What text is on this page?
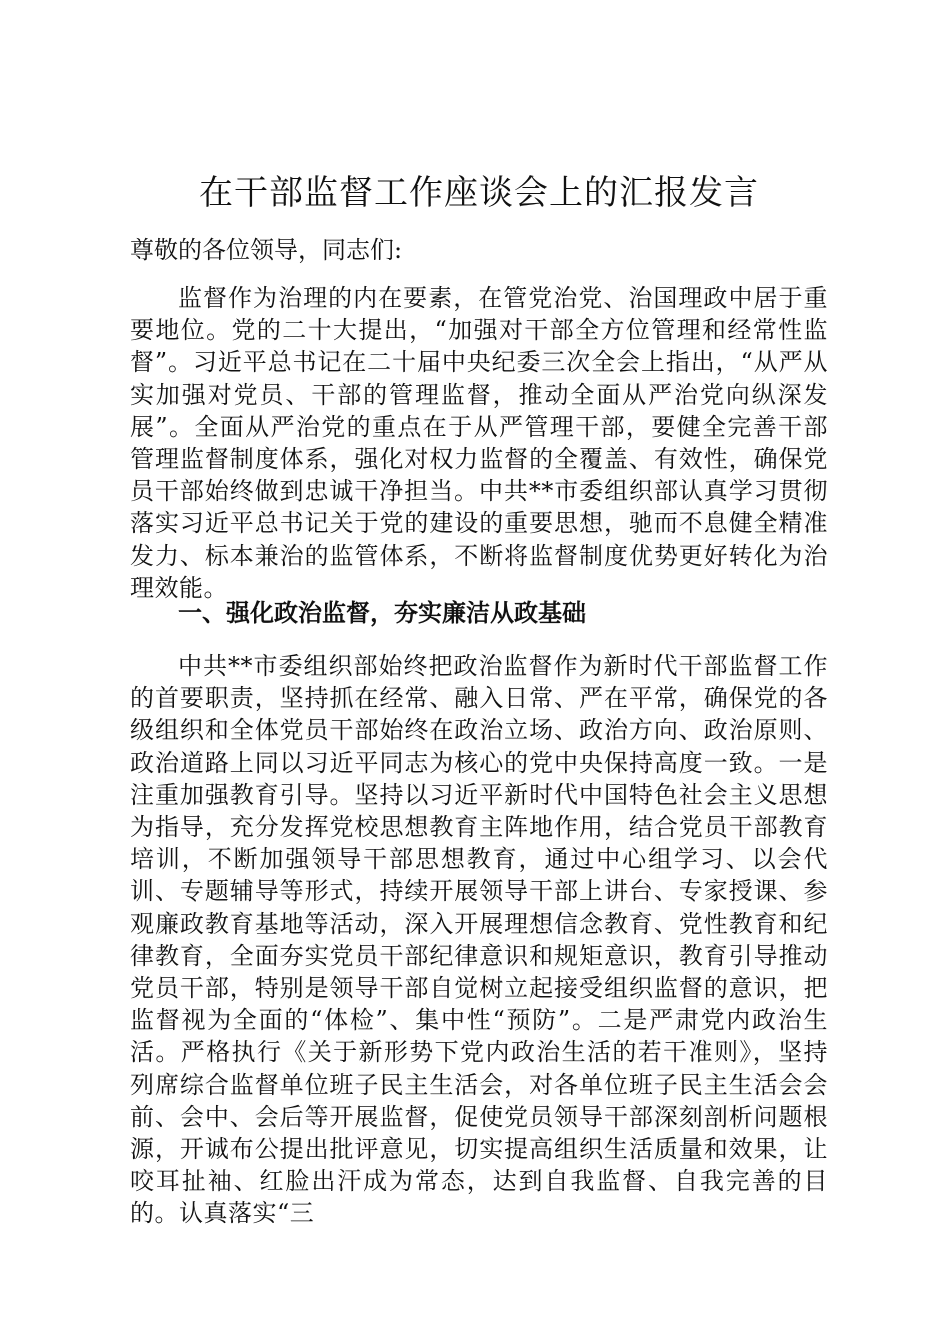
在干部监督工作座谈会上的汇报发言

尊敬的各位领导，同志们:

监督作为治理的内在要素，在管党治党、治国理政中居于重要地位。党的二十大提出，“加强对干部全方位管理和经常性监督”。习近平总书记在二十届中央纪委三次全会上指出，“从严从实加强对党员、干部的管理监督，推动全面从严治党向纵深发展”。全面从严治党的重点在于从严管理干部，要健全完善干部管理监督制度体系，强化对权力监督的全覆盖、有效性，确保党员干部始终做到忠诚干净担当。中共**市委组织部认真学习贯彻落实习近平总书记关于党的建设的重要思想，驰而不息健全精准发力、标本兼治的监管体系，不断将监督制度优势更好转化为治理效能。

一、强化政治监督，夯实廉洁从政基础

中共**市委组织部始终把政治监督作为新时代干部监督工作的首要职责，坚持抓在经常、融入日常、严在平常，确保党的各级组织和全体党员干部始终在政治立场、政治方向、政治原则、政治道路上同以习近平同志为核心的党中央保持高度一致。一是注重加强教育引导。坚持以习近平新时代中国特色社会主义思想为指导，充分发挥党校思想教育主阵地作用，结合党员干部教育培训，不断加强领导干部思想教育，通过中心组学习、以会代训、专题辅导等形式，持续开展领导干部上讲台、专家授课、参观廉政教育基地等活动，深入开展理想信念教育、党性教育和纪律教育，全面夯实党员干部纪律意识和规矩意识，教育引导推动党员干部，特别是领导干部自觉树立起接受组织监督的意识，把监督视为全面的“体检”、集中性“预防”。二是严肃党内政治生活。严格执行《关于新形势下党内政治生活的若干准则》，坚持列席综合监督单位班子民主生活会，对各单位班子民主生活会会前、会中、会后等开展监督，促使党员领导干部深刻剖析问题根源，开诚布公提出批评意见，切实提高组织生活质量和效果，让咬耳扯袖、红脸出汗成为常态，达到自我监督、自我完善的目的。认真落实“三
